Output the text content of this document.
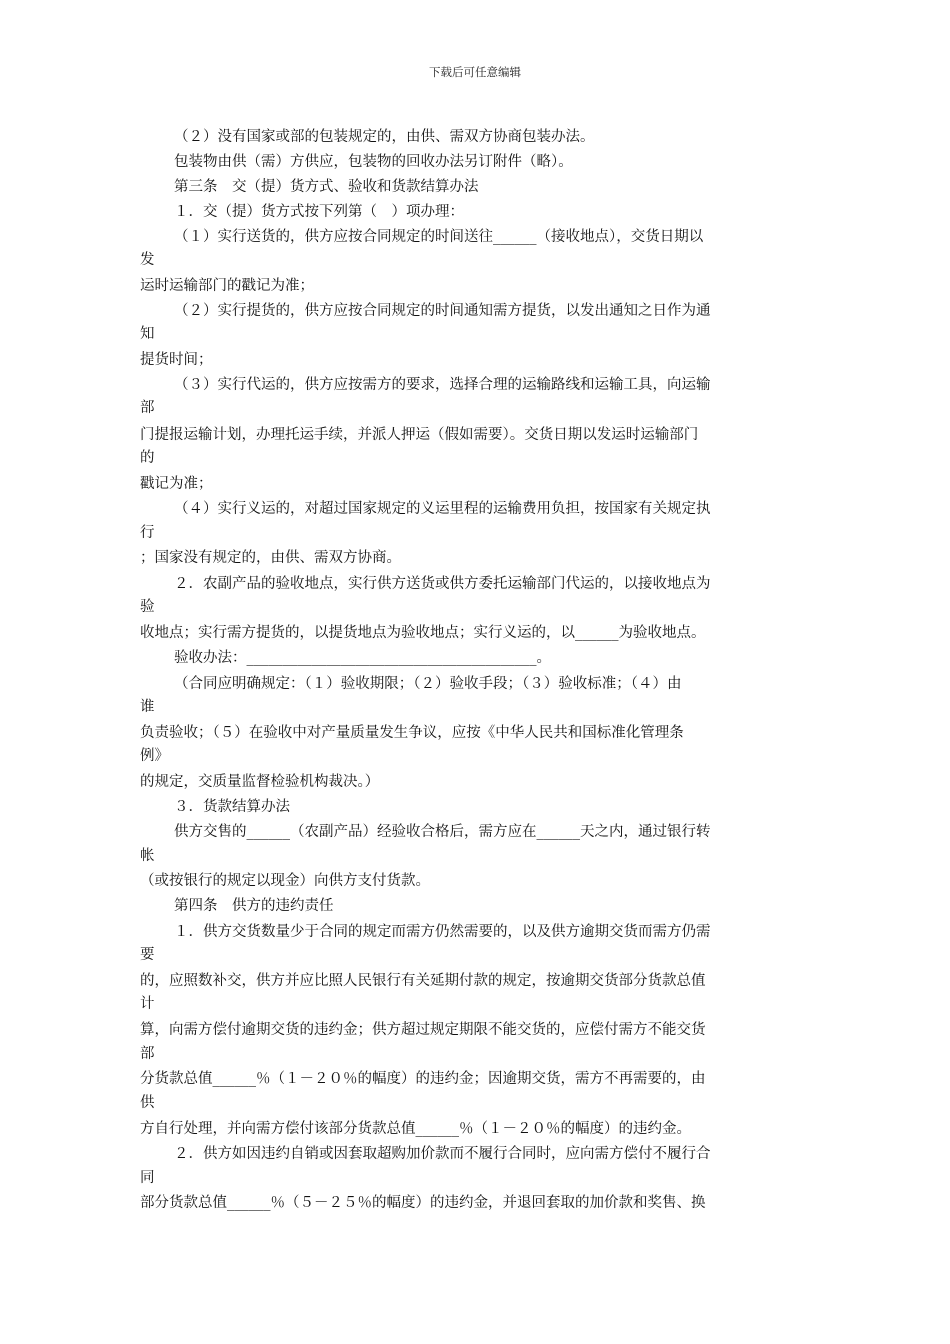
下载后可任意编辑
（２）没有国家或部的包装规定的，由供、需双方协商包装办法。
包装物由供（需）方供应，包装物的回收办法另订附件（略）。
第三条　交（提）货方式、验收和货款结算办法
１．交（提）货方式按下列第（　）项办理：
（１）实行送货的，供方应按合同规定的时间送往______（接收地点），交货日期以
发
运时运输部门的戳记为准；
（２）实行提货的，供方应按合同规定的时间通知需方提货，以发出通知之日作为通
知
提货时间；
（３）实行代运的，供方应按需方的要求，选择合理的运输路线和运输工具，向运输
部
门提报运输计划，办理托运手续，并派人押运（假如需要）。交货日期以发运时运输部门
的
戳记为准；
（４）实行义运的，对超过国家规定的义运里程的运输费用负担，按国家有关规定执
行
；国家没有规定的，由供、需双方协商。
２．农副产品的验收地点，实行供方送货或供方委托运输部门代运的，以接收地点为
验
收地点；实行需方提货的，以提货地点为验收地点；实行义运的，以______为验收地点。
验收办法：________________________________________。
（合同应明确规定：（１）验收期限；（２）验收手段；（３）验收标准；（４）由
谁
负责验收；（５）在验收中对产量质量发生争议，应按《中华人民共和国标准化管理条
例》
的规定，交质量监督检验机构裁决。）
３．货款结算办法
供方交售的______（农副产品）经验收合格后，需方应在______天之内，通过银行转
帐
（或按银行的规定以现金）向供方支付货款。
第四条　供方的违约责任
１．供方交货数量少于合同的规定而需方仍然需要的，以及供方逾期交货而需方仍需
要
的，应照数补交，供方并应比照人民银行有关延期付款的规定，按逾期交货部分货款总值
计
算，向需方偿付逾期交货的违约金；供方超过规定期限不能交货的，应偿付需方不能交货
部
分货款总值______％（１－２０％的幅度）的违约金；因逾期交货，需方不再需要的，由
供
方自行处理，并向需方偿付该部分货款总值______％（１－２０％的幅度）的违约金。
２．供方如因违约自销或因套取超购加价款而不履行合同时，应向需方偿付不履行合
同
部分货款总值______％（５－２５％的幅度）的违约金，并退回套取的加价款和奖售、换
